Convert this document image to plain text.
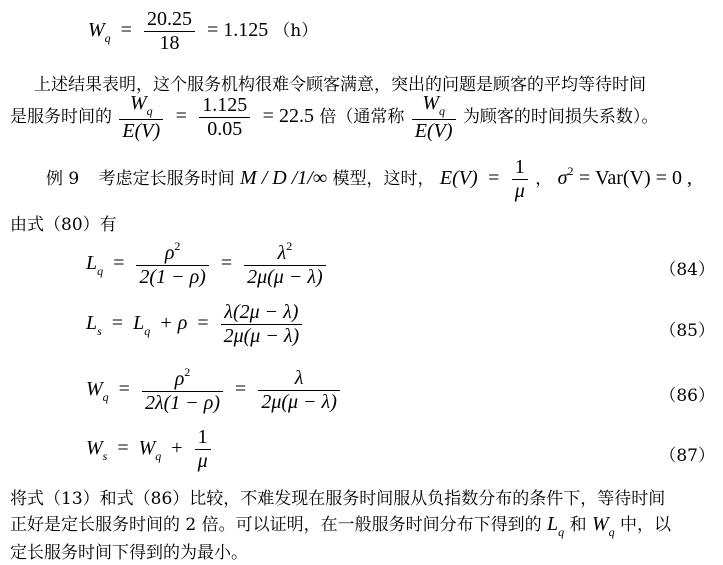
$W_q = \frac{20.25}{18} = 1.125$ （h）
上述结果表明，这个服务机构很难令顾客满意，突出的问题是顾客的平均等待时间
是服务时间的 $\frac{W_q}{E(V)} = \frac{1.125}{0.05} = 22.5$ 倍（通常称 $\frac{W_q}{E(V)}$ 为顾客的时间损失系数）。
例 9 考虑定长服务时间 M / D /1/∞ 模型，这时， $E(V) = \frac{1}{\mu}$ ， $\sigma^2 = Var(V) = 0$ ,
由式（80）有
$L_q = \frac{\rho^2}{2(1 - \rho)} = \frac{\lambda^2}{2\mu(\mu - \lambda)}$	（84）
$L_s = L_q + \rho = \frac{\lambda(2\mu - \lambda)}{2\mu(\mu - \lambda)}$	（85）
$W_q = \frac{\rho^2}{2\lambda(1 - \rho)} = \frac{\lambda}{2\mu(\mu - \lambda)}$	（86）
$W_s = W_q + \frac{1}{\mu}$	（87）
将式（13）和式（86）比较，不难发现在服务时间服从负指数分布的条件下，等待时间
正好是定长服务时间的 2 倍。可以证明，在一般服务时间分布下得到的 $L_q$ 和 $W_q$ 中，以
定长服务时间下得到的为最小。
